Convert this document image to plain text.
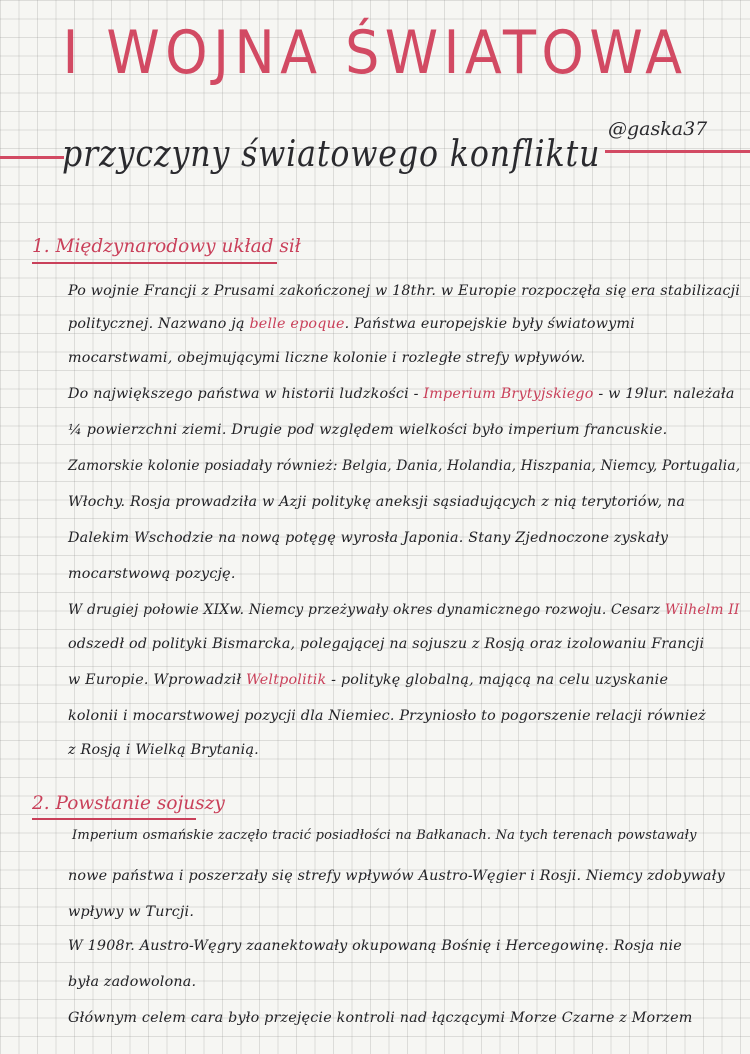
I WOJNA ŚWIATOWA
przyczyny światowego konfliktu
@gaska37
1. Międzynarodowy układ sił
Po wojnie Francji z Prusami zakończonej w 18thr. w Europie rozpoczęła się era stabilizacji
politycznej. Nazwano ją belle epoque. Państwa europejskie były światowymi
mocarstwami, obejmującymi liczne kolonie i rozległe strefy wpływów.
Do największego państwa w historii ludzkości - Imperium Brytyjskiego - w 19lur. należała
¼ powierzchni ziemi. Drugie pod względem wielkości było imperium francuskie.
Zamorskie kolonie posiadały również: Belgia, Dania, Holandia, Hiszpania, Niemcy, Portugalia,
Włochy. Rosja prowadziła w Azji politykę aneksji sąsiadujących z nią terytoriów, na
Dalekim Wschodzie na nową potęgę wyrosła Japonia. Stany Zjednoczone zyskały
mocarstwową pozycję.
W drugiej połowie XIXw. Niemcy przeżywały okres dynamicznego rozwoju. Cesarz Wilhelm II
odszedł od polityki Bismarcka, polegającej na sojuszu z Rosją oraz izolowaniu Francji
w Europie. Wprowadził Weltpolitik - politykę globalną, mającą na celu uzyskanie
kolonii i mocarstwowej pozycji dla Niemiec. Przyniosło to pogorszenie relacji również
z Rosją i Wielką Brytanią.
2. Powstanie sojuszy
Imperium osmańskie zaczęło tracić posiadłości na Bałkanach. Na tych terenach powstawały
nowe państwa i poszerzały się strefy wpływów Austro-Węgier i Rosji. Niemcy zdobywały
wpływy w Turcji.
W 1908r. Austro-Węgry zaanektowały okupowaną Bośnię i Hercegowinę. Rosja nie
była zadowolona.
Głównym celem cara było przejęcie kontroli nad łączącymi Morze Czarne z Morzem
